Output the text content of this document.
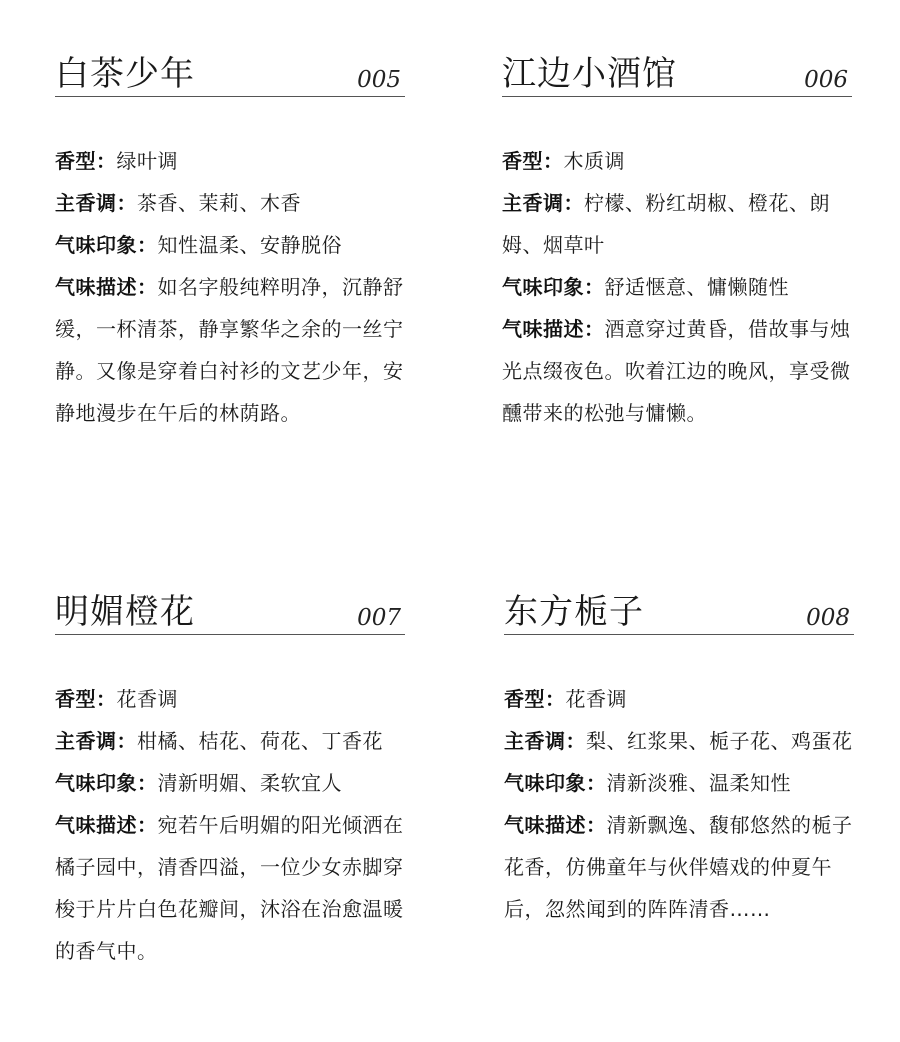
白茶少年	005

香型：绿叶调

主香调：茶香、茉莉、木香

气味印象：知性温柔、安静脱俗

气味描述：如名字般纯粹明净，沉静舒缓，一杯清茶，静享繁华之余的一丝宁静。又像是穿着白衬衫的文艺少年，安静地漫步在午后的林荫路。

江边小酒馆	006

香型：木质调

主香调：柠檬、粉红胡椒、橙花、朗姆、烟草叶

气味印象：舒适惬意、慵懒随性

气味描述：酒意穿过黄昏，借故事与烛光点缀夜色。吹着江边的晚风，享受微醺带来的松弛与慵懒。

明媚橙花	007

香型：花香调

主香调：柑橘、桔花、荷花、丁香花

气味印象：清新明媚、柔软宜人

气味描述：宛若午后明媚的阳光倾洒在橘子园中，清香四溢，一位少女赤脚穿梭于片片白色花瓣间，沐浴在治愈温暖的香气中。

东方栀子	008

香型：花香调

主香调：梨、红浆果、栀子花、鸡蛋花

气味印象：清新淡雅、温柔知性

气味描述：清新飘逸、馥郁悠然的栀子花香，仿佛童年与伙伴嬉戏的仲夏午后，忽然闻到的阵阵清香……
